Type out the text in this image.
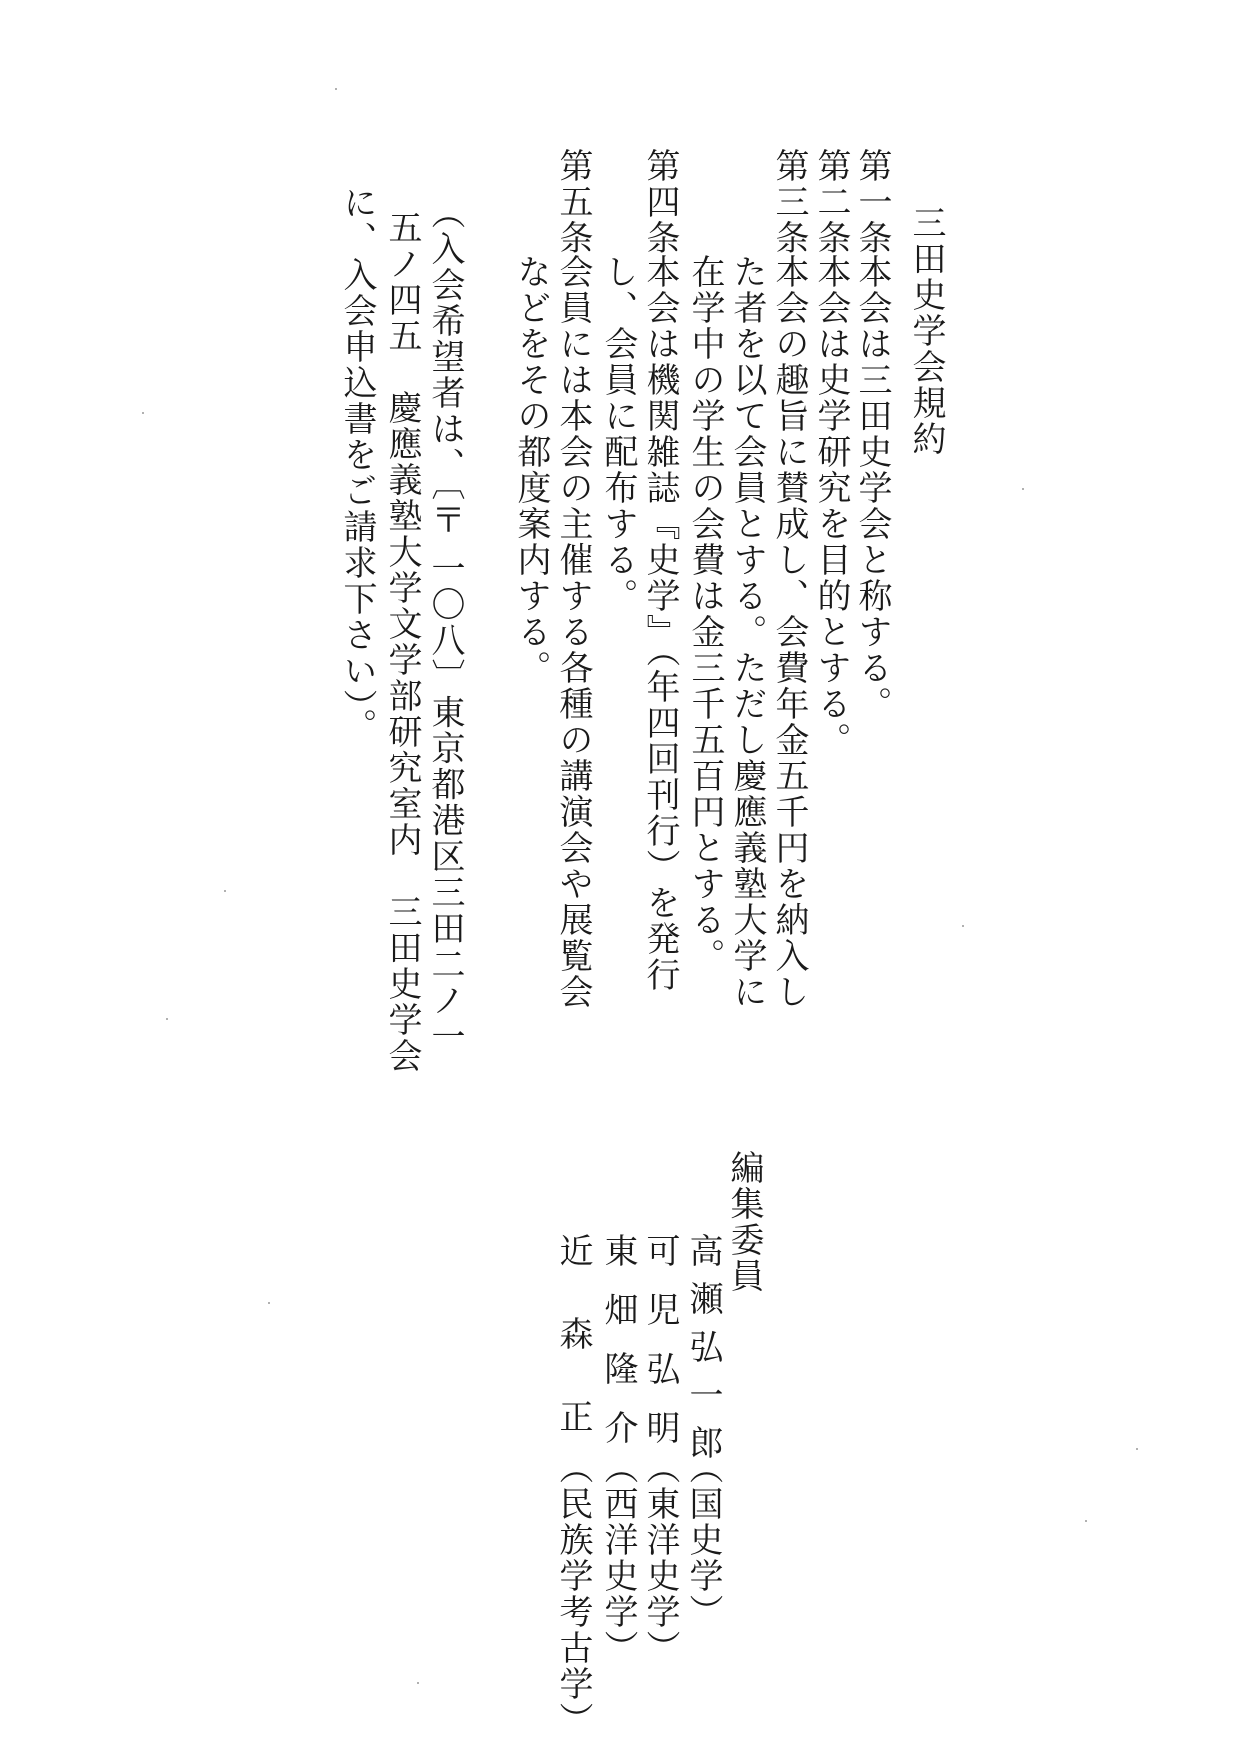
三田史学会規約
第一条
本会は三田史学会と称する。
第二条
本会は史学研究を目的とする。
第三条
本会の趣旨に賛成し、会費年金五千円を納入し
た者を以て会員とする。ただし慶應義塾大学に
在学中の学生の会費は金三千五百円とする。
第四条
本会は機関雑誌『史学』（年四回刊行）を発行
し、会員に配布する。
第五条
会員には本会の主催する各種の講演会や展覧会
などをその都度案内する。
（入会希望者は、〔〒 一〇八〕東京都港区三田二ノ一
五ノ四五　慶應義塾大学文学部研究室内　三田史学会
に、入会申込書をご請求下さい）。
編集委員
高瀬弘一郎
（国史学）
可児弘明
（東洋史学）
東畑隆介
（西洋史学）
近森正
（民族学考古学）
